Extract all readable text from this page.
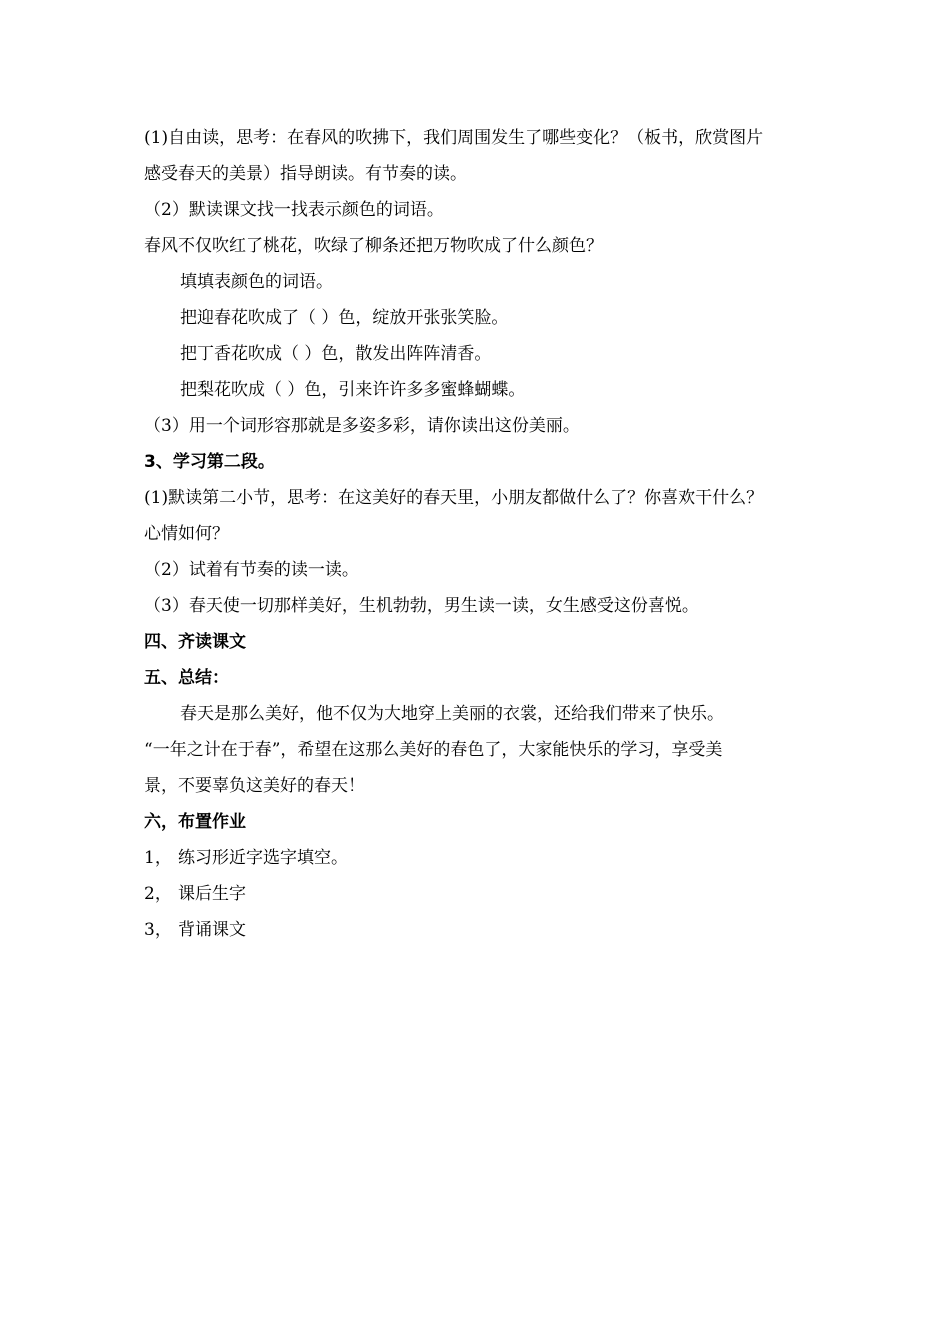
(1)自由读，思考：在春风的吹拂下，我们周围发生了哪些变化？（板书，欣赏图片
感受春天的美景）指导朗读。有节奏的读。
（2）默读课文找一找表示颜色的词语。
春风不仅吹红了桃花，吹绿了柳条还把万物吹成了什么颜色？
填填表颜色的词语。
把迎春花吹成了（ ）色，绽放开张张笑脸。
把丁香花吹成（ ）色，散发出阵阵清香。
把梨花吹成（ ）色，引来许许多多蜜蜂蝴蝶。
（3）用一个词形容那就是多姿多彩，请你读出这份美丽。
3、学习第二段。
(1)默读第二小节，思考：在这美好的春天里，小朋友都做什么了？你喜欢干什么？
心情如何？
（2）试着有节奏的读一读。
（3）春天使一切那样美好，生机勃勃，男生读一读，女生感受这份喜悦。
四、齐读课文
五、总结：
春天是那么美好，他不仅为大地穿上美丽的衣裳，还给我们带来了快乐。
“一年之计在于春”，希望在这那么美好的春色了，大家能快乐的学习，享受美
景，不要辜负这美好的春天！
六，布置作业
1， 练习形近字选字填空。
2， 课后生字
3， 背诵课文
